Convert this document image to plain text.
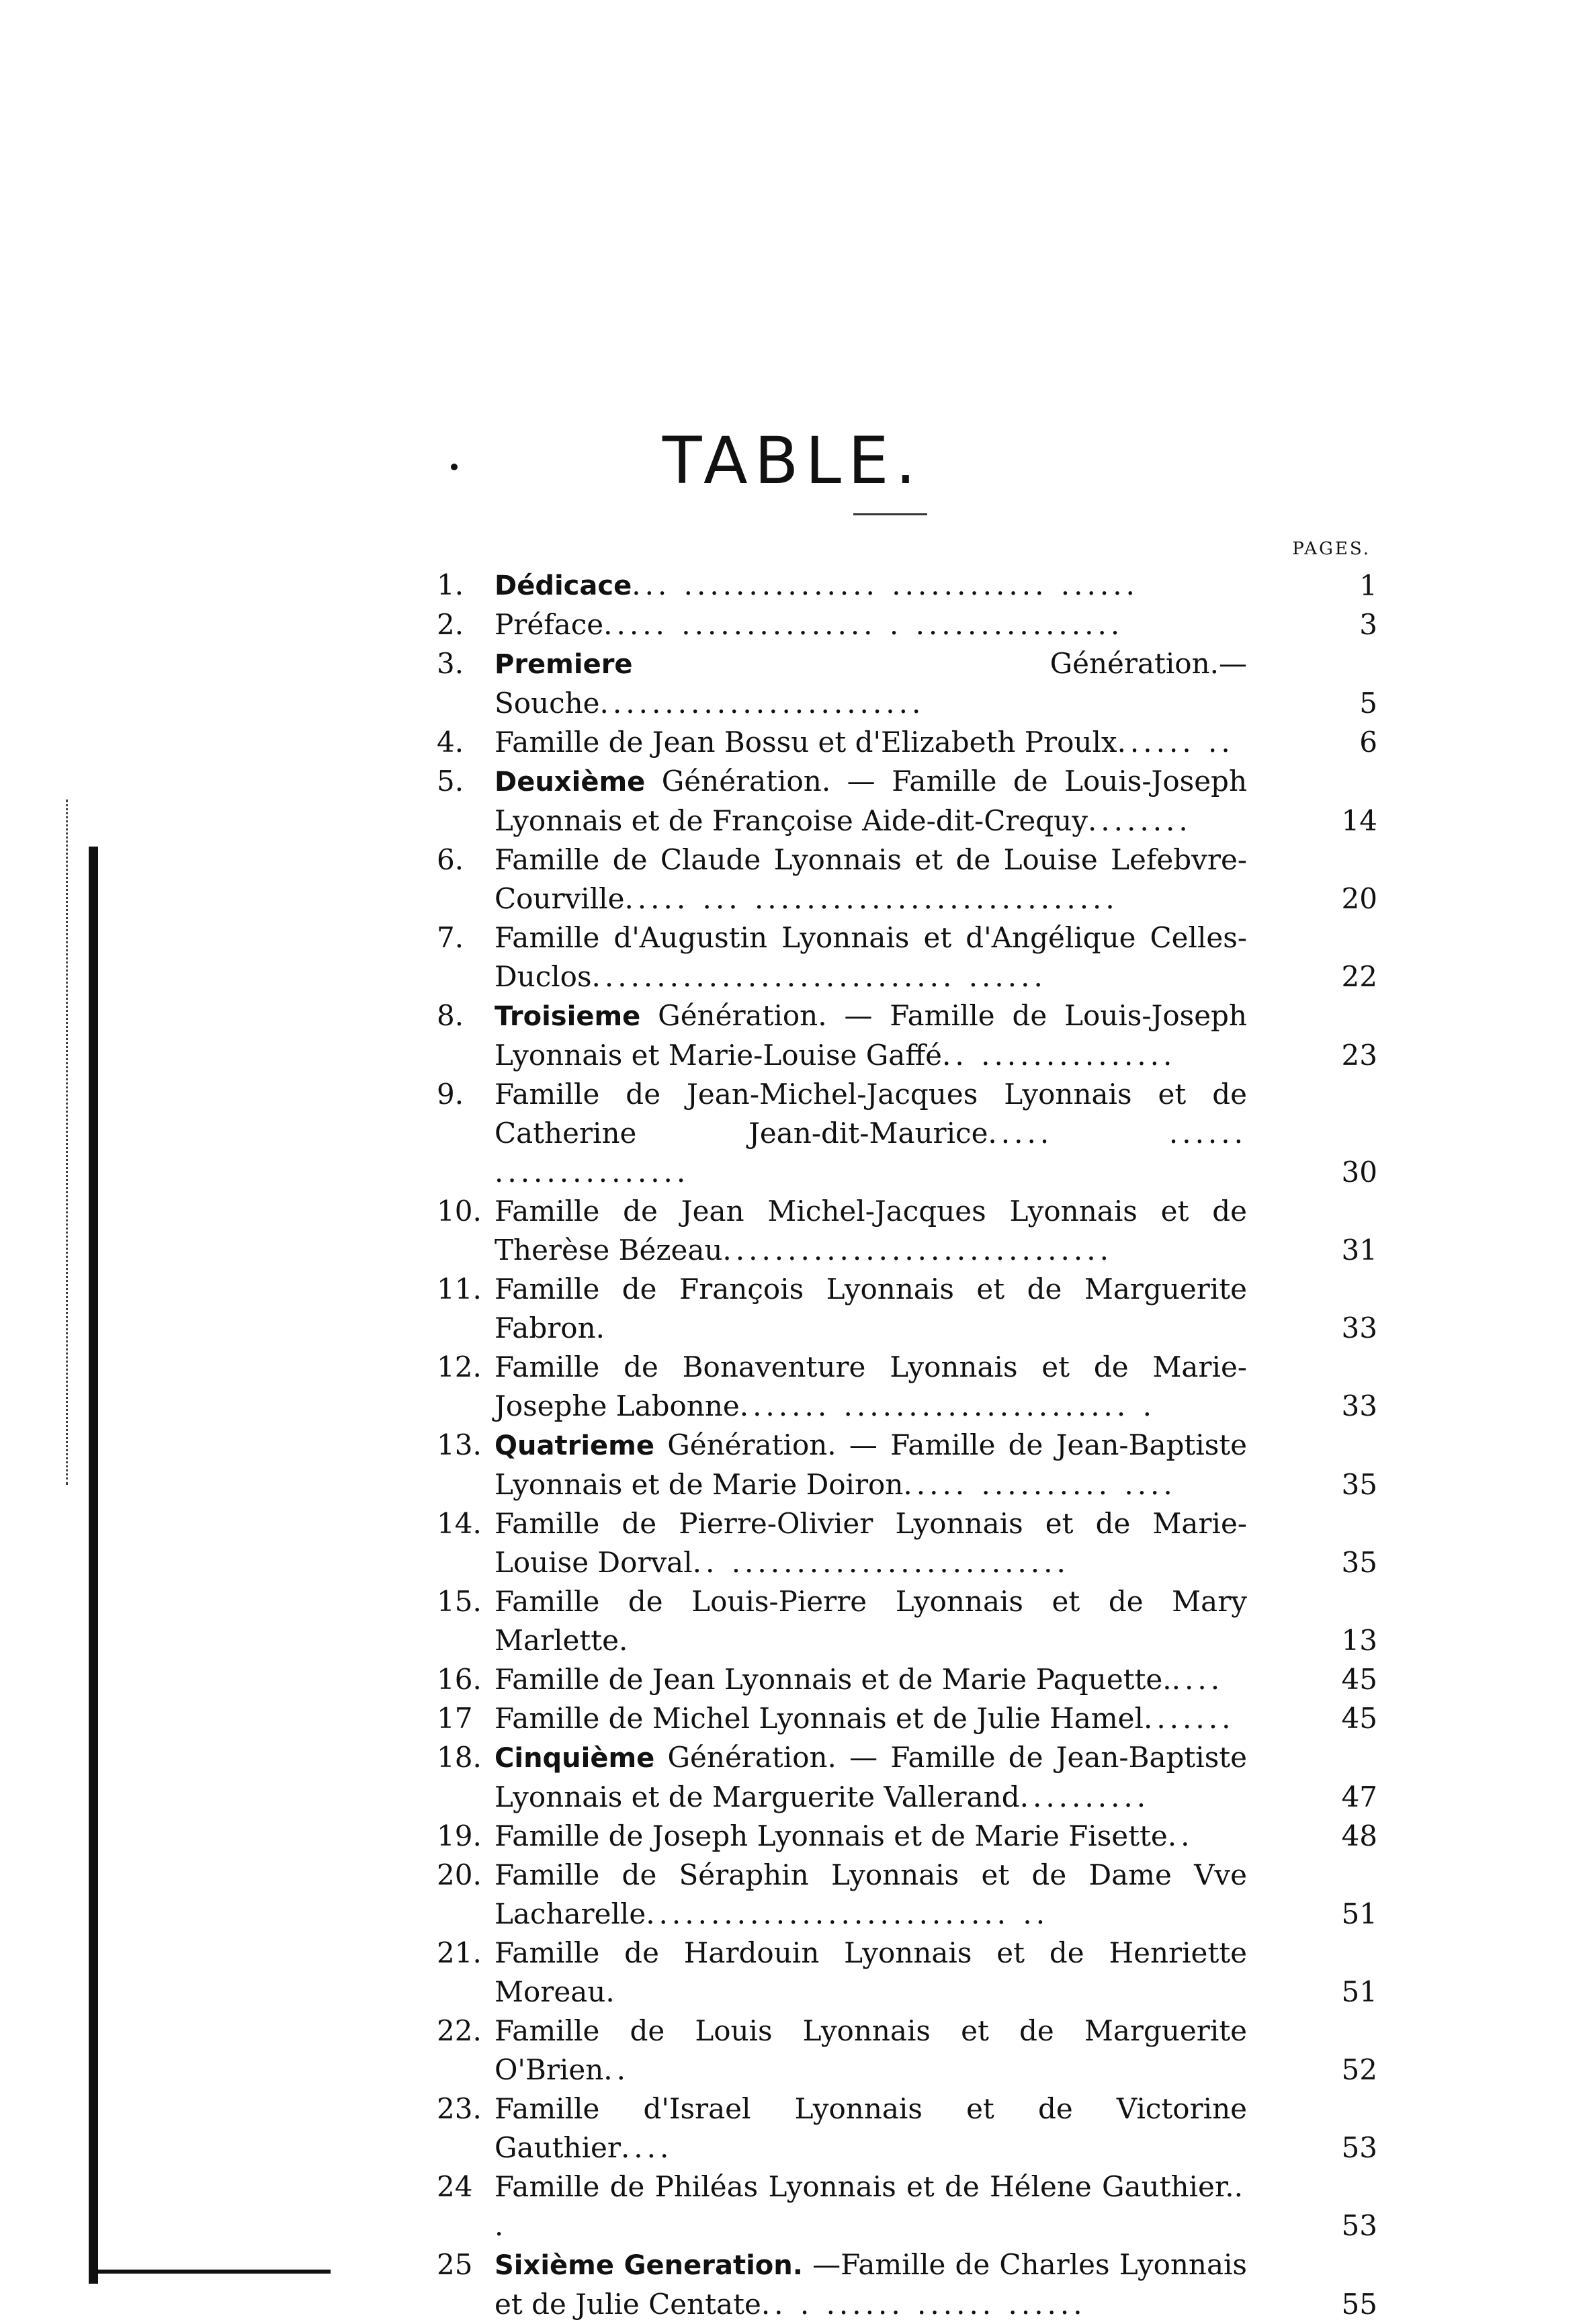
TABLE.
PAGES.
1.	Dédicace... ............... ............ ......	1
2.	Préface..... ............... . ................	3
3.	Premiere	Génération.—Souche.........................	5
4.	Famille de Jean Bossu et d'Elizabeth Proulx...... ..	6
5.	Deuxième Génération. — Famille de Louis-Joseph Lyonnais et de Françoise Aide-dit-Crequy........	14
6.	Famille de Claude Lyonnais et de Louise Lefebvre-Courville..... ... ............................	20
7.	Famille d'Augustin Lyonnais et d'Angélique Celles-Duclos............................ ......	22
8.	Troisieme Génération. — Famille de Louis-Joseph Lyonnais et Marie-Louise Gaffé.. ...............	23
9.	Famille de Jean-Michel-Jacques Lyonnais et de Catherine Jean-dit-Maurice..... ...... ...............	30
10. Famille de Jean Michel-Jacques Lyonnais et de Therèse Bézeau..............................	31
11. Famille de François Lyonnais et de Marguerite Fabron.	33
12. Famille de Bonaventure Lyonnais et de Marie-Josephe Labonne....... ...................... .	33
13. Quatrieme Génération. — Famille de Jean-Baptiste Lyonnais et de Marie Doiron..... .......... ....	35
14. Famille de Pierre-Olivier Lyonnais et de Marie-Louise Dorval.. ..........................	35
15. Famille de Louis-Pierre Lyonnais et de Mary Marlette.	13
16. Famille de Jean Lyonnais et de Marie Paquette.....	45
17 Famille de Michel Lyonnais et de Julie Hamel.......	45
18. Cinquième Génération. — Famille de Jean-Baptiste Lyonnais et de Marguerite Vallerand..........	47
19. Famille de Joseph Lyonnais et de Marie Fisette..	48
20. Famille de Séraphin Lyonnais et de Dame Vve Lacharelle............................ ..	51
21. Famille de Hardouin Lyonnais et de Henriette Moreau.	51
22. Famille de Louis Lyonnais et de Marguerite O'Brien..	52
23. Famille d'Israel Lyonnais et de Victorine Gauthier....	53
24 Famille de Philéas Lyonnais et de Hélene Gauthier.. .	53
25 Sixième Generation. —Famille de Charles Lyonnais et de Julie Centate.. . ...... ...... ......	55
